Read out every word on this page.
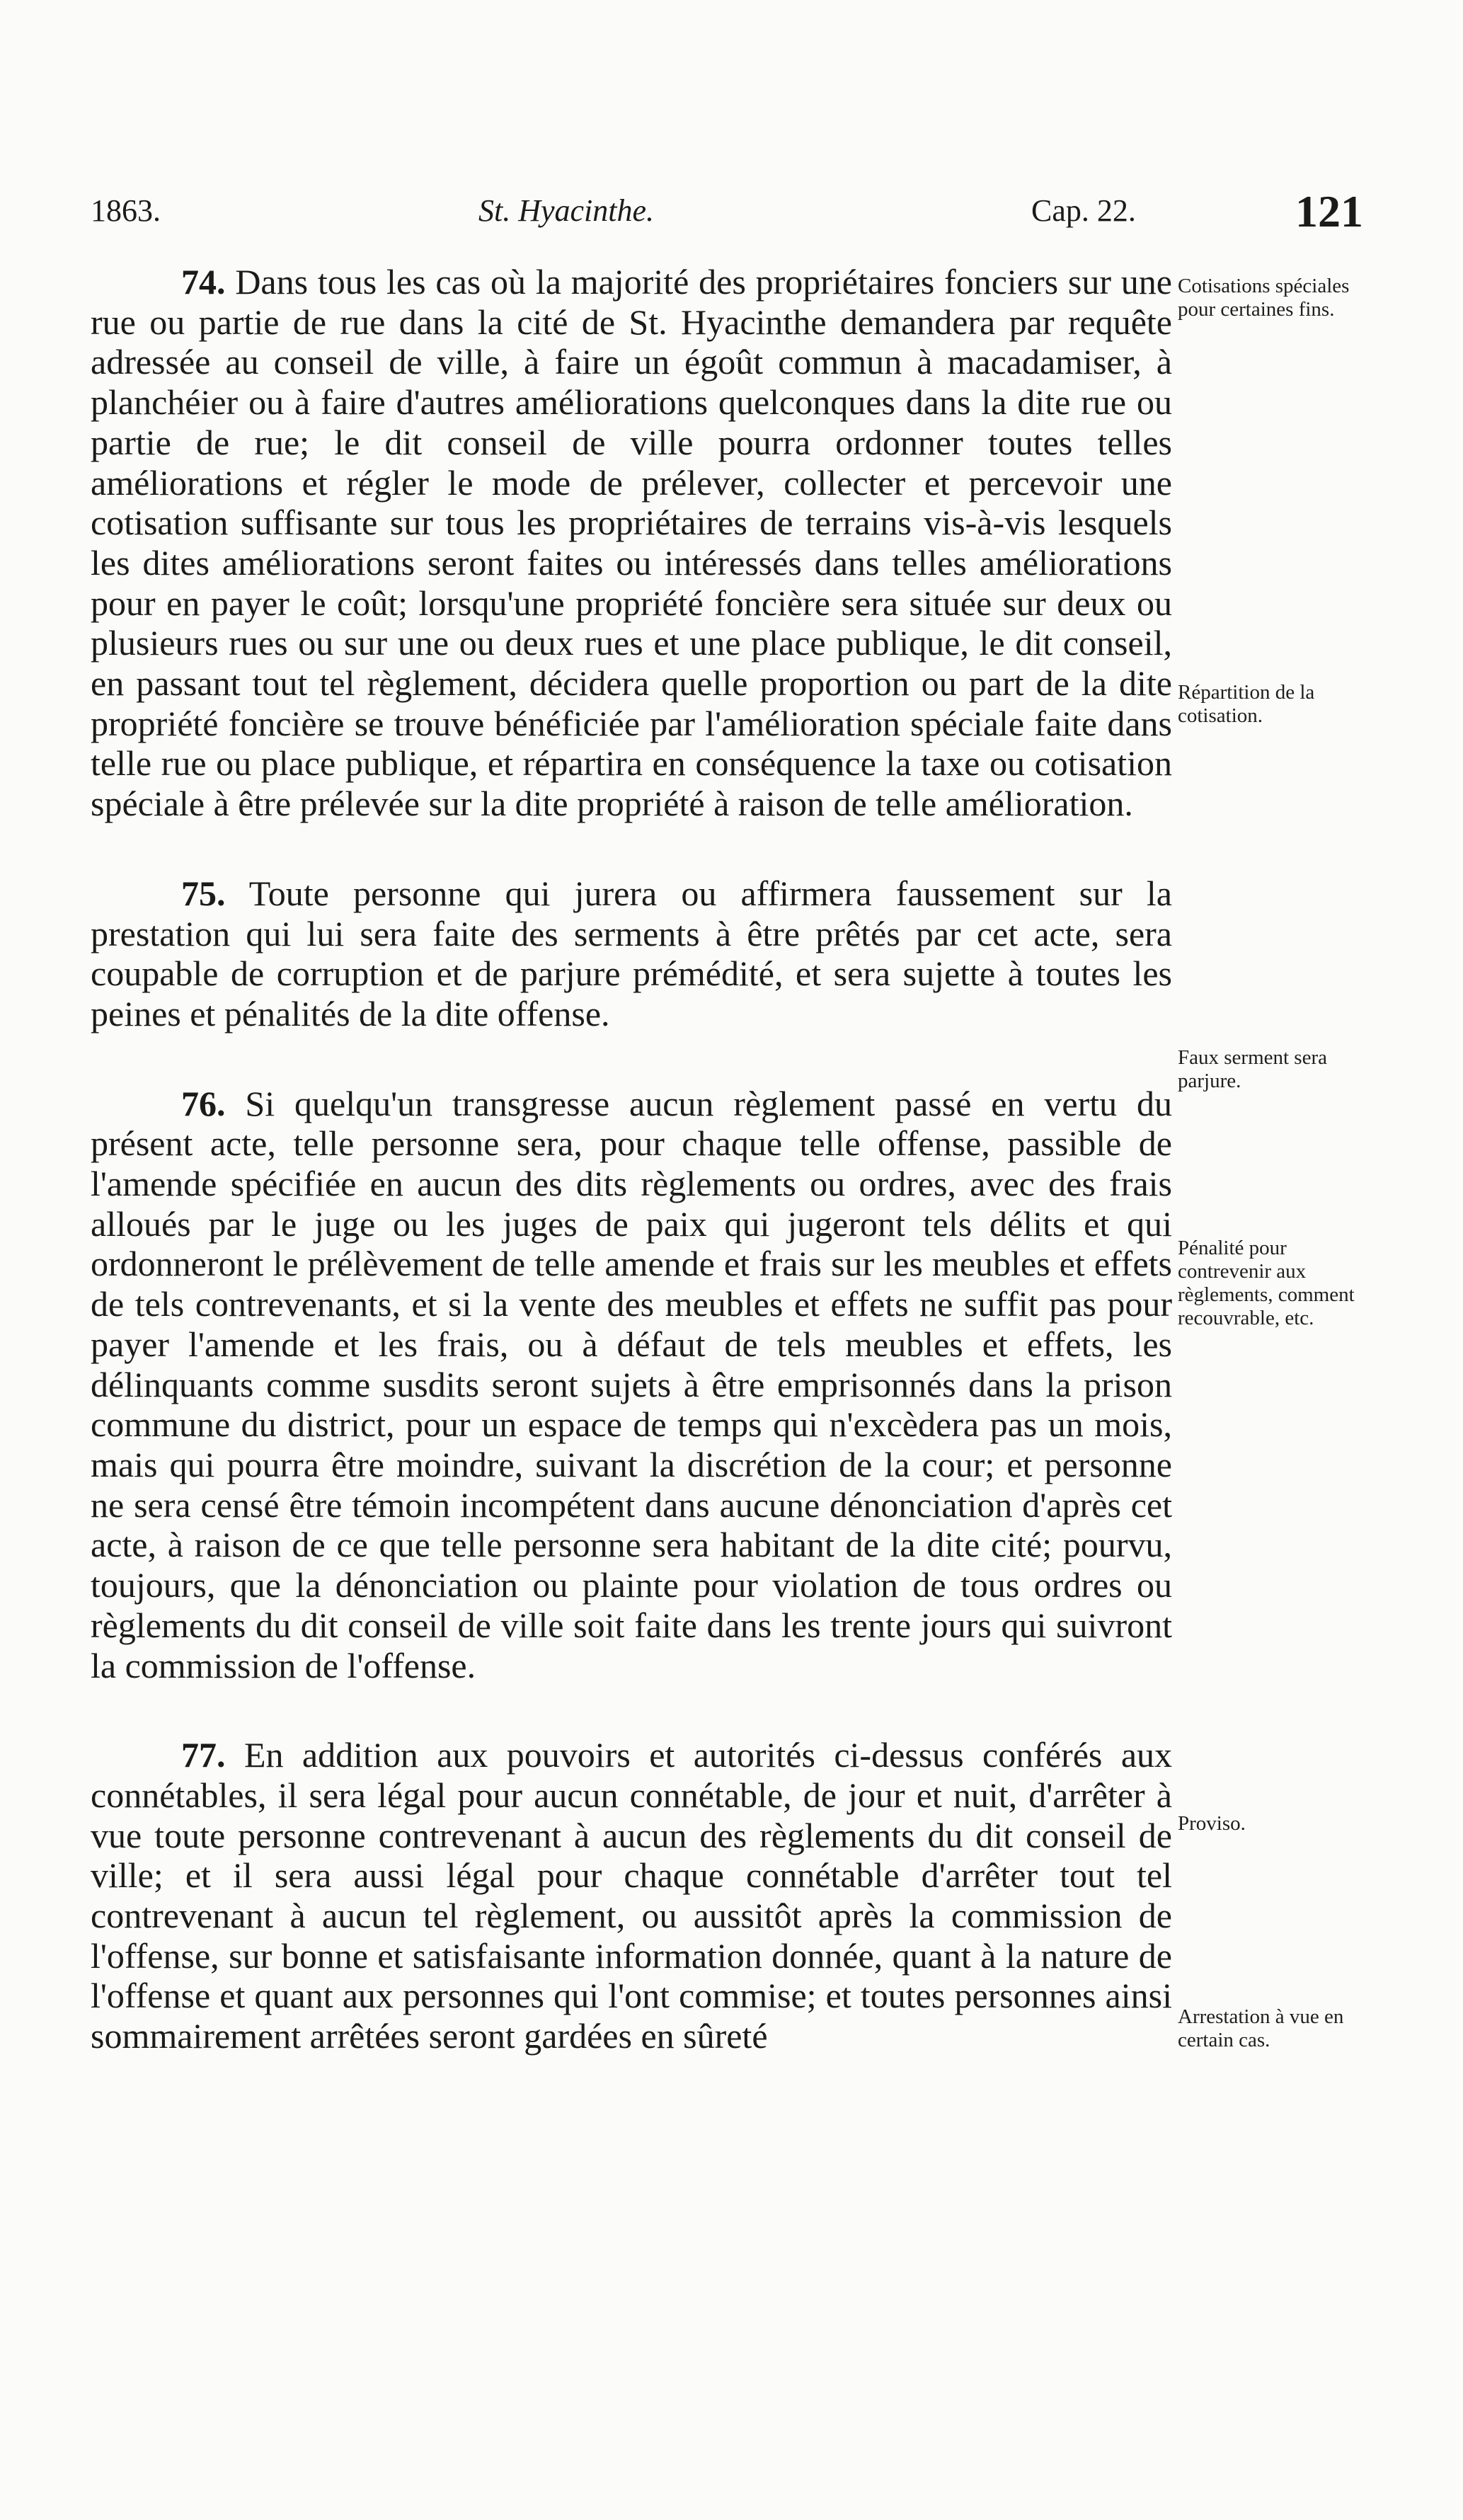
1863.	St. Hyacinthe.	Cap. 22.	121

74. Dans tous les cas où la majorité des propriétaires fonciers sur une rue ou partie de rue dans la cité de St. Hyacinthe demandera par requête adressée au conseil de ville, à faire un égoût commun à macadamiser, à planchéier ou à faire d'autres améliorations quelconques dans la dite rue ou partie de rue; le dit conseil de ville pourra ordonner toutes telles améliorations et régler le mode de prélever, collecter et percevoir une cotisation suffisante sur tous les propriétaires de terrains vis-à-vis lesquels les dites améliorations seront faites ou intéressés dans telles améliorations pour en payer le coût; lorsqu'une propriété foncière sera située sur deux ou plusieurs rues ou sur une ou deux rues et une place publique, le dit conseil, en passant tout tel règlement, décidera quelle proportion ou part de la dite propriété foncière se trouve bénéficiée par l'amélioration spéciale faite dans telle rue ou place publique, et répartira en conséquence la taxe ou cotisation spéciale à être prélevée sur la dite propriété à raison de telle amélioration.

75. Toute personne qui jurera ou affirmera faussement sur la prestation qui lui sera faite des serments à être prêtés par cet acte, sera coupable de corruption et de parjure prémédité, et sera sujette à toutes les peines et pénalités de la dite offense.

76. Si quelqu'un transgresse aucun règlement passé en vertu du présent acte, telle personne sera, pour chaque telle offense, passible de l'amende spécifiée en aucun des dits règlements ou ordres, avec des frais alloués par le juge ou les juges de paix qui jugeront tels délits et qui ordonneront le prélèvement de telle amende et frais sur les meubles et effets de tels contrevenants, et si la vente des meubles et effets ne suffit pas pour payer l'amende et les frais, ou à défaut de tels meubles et effets, les délinquants comme susdits seront sujets à être emprisonnés dans la prison commune du district, pour un espace de temps qui n'excèdera pas un mois, mais qui pourra être moindre, suivant la discrétion de la cour; et personne ne sera censé être témoin incompétent dans aucune dénonciation d'après cet acte, à raison de ce que telle personne sera habitant de la dite cité; pourvu, toujours, que la dénonciation ou plainte pour violation de tous ordres ou règlements du dit conseil de ville soit faite dans les trente jours qui suivront la commission de l'offense.

77. En addition aux pouvoirs et autorités ci-dessus conférés aux connétables, il sera légal pour aucun connétable, de jour et nuit, d'arrêter à vue toute personne contrevenant à aucun des règlements du dit conseil de ville; et il sera aussi légal pour chaque connétable d'arrêter tout tel contrevenant à aucun tel règlement, ou aussitôt après la commission de l'offense, sur bonne et satisfaisante information donnée, quant à la nature de l'offense et quant aux personnes qui l'ont commise; et toutes personnes ainsi sommairement arrêtées seront gardées en sûreté

Cotisations spéciales pour certaines fins.
Répartition de la cotisation.
Faux serment sera parjure.
Pénalité pour contrevenir aux règlements, comment recouvrable, etc.
Proviso.
Arrestation à vue en certain cas.
